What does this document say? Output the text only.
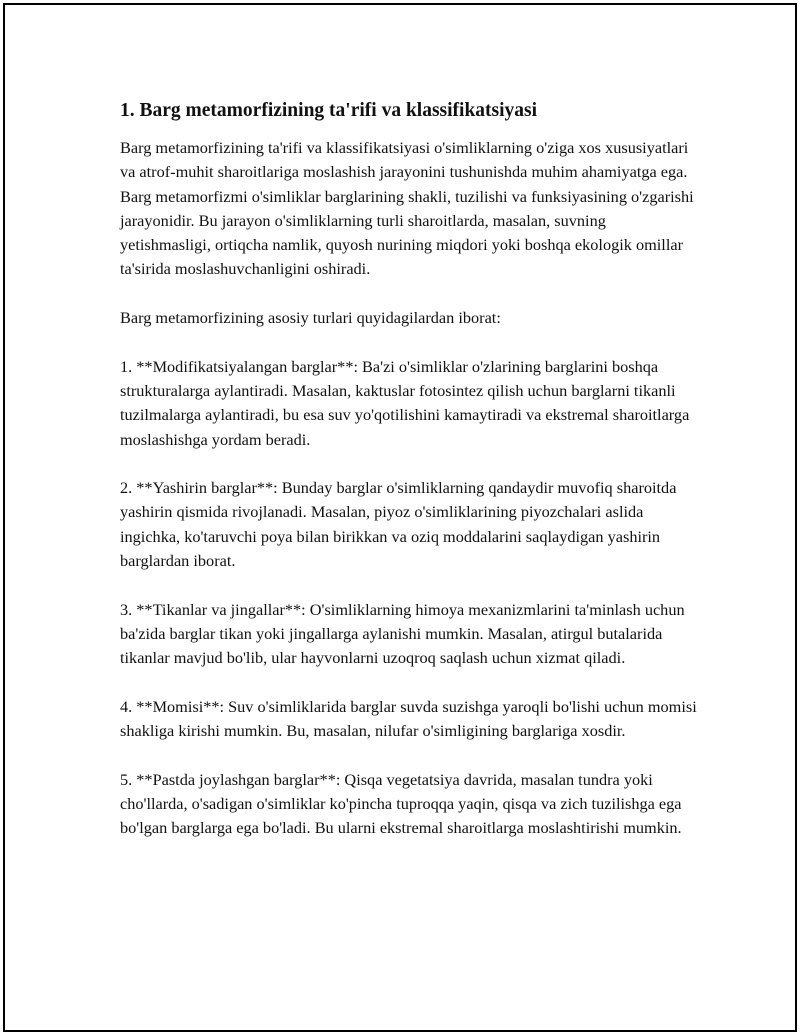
1. Barg metamorfizining ta'rifi va klassifikatsiyasi

Barg metamorfizining ta'rifi va klassifikatsiyasi o'simliklarning o'ziga xos xususiyatlari va atrof-muhit sharoitlariga moslashish jarayonini tushunishda muhim ahamiyatga ega. Barg metamorfizmi o'simliklar barglarining shakli, tuzilishi va funksiyasining o'zgarishi jarayonidir. Bu jarayon o'simliklarning turli sharoitlarda, masalan, suvning yetishmasligi, ortiqcha namlik, quyosh nurining miqdori yoki boshqa ekologik omillar ta'sirida moslashuvchanligini oshiradi.

Barg metamorfizining asosiy turlari quyidagilardan iborat:

1. **Modifikatsiyalangan barglar**: Ba'zi o'simliklar o'zlarining barglarini boshqa strukturalarga aylantiradi. Masalan, kaktuslar fotosintez qilish uchun barglarni tikanli tuzilmalarga aylantiradi, bu esa suv yo'qotilishini kamaytiradi va ekstremal sharoitlarga moslashishga yordam beradi.

2. **Yashirin barglar**: Bunday barglar o'simliklarning qandaydir muvofiq sharoitda yashirin qismida rivojlanadi. Masalan, piyoz o'simliklarining piyozchalari aslida ingichka, ko'taruvchi poya bilan birikkan va oziq moddalarini saqlaydigan yashirin barglardan iborat.

3. **Tikanlar va jingallar**: O'simliklarning himoya mexanizmlarini ta'minlash uchun ba'zida barglar tikan yoki jingallarga aylanishi mumkin. Masalan, atirgul butalarida tikanlar mavjud bo'lib, ular hayvonlarni uzoqroq saqlash uchun xizmat qiladi.

4. **Momisi**: Suv o'simliklarida barglar suvda suzishga yaroqli bo'lishi uchun momisi shakliga kirishi mumkin. Bu, masalan, nilufar o'simligining barglariga xosdir.

5. **Pastda joylashgan barglar**: Qisqa vegetatsiya davrida, masalan tundra yoki cho'llarda, o'sadigan o'simliklar ko'pincha tuproqqa yaqin, qisqa va zich tuzilishga ega bo'lgan barglarga ega bo'ladi. Bu ularni ekstremal sharoitlarga moslashtirishi mumkin.
